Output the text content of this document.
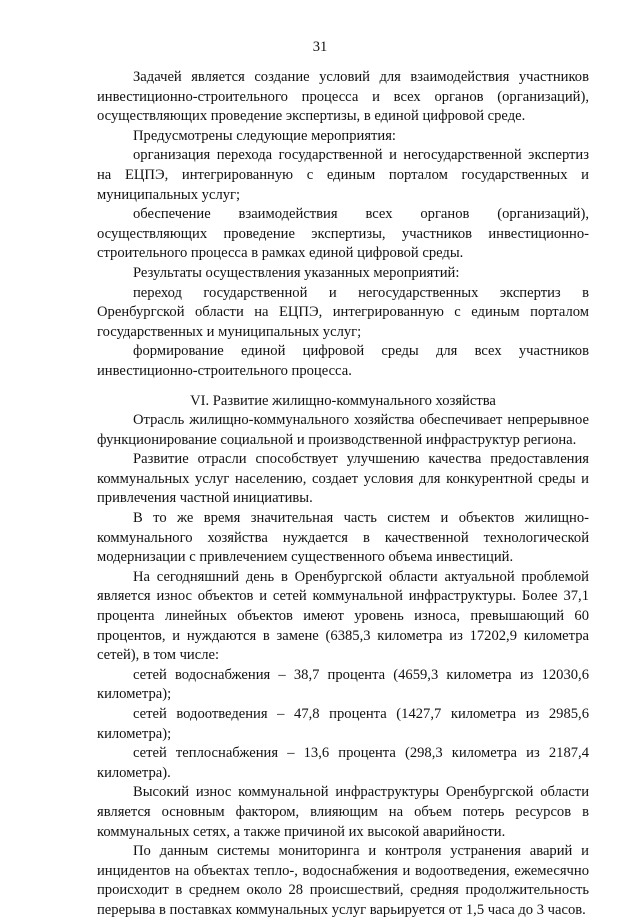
31

Задачей является создание условий для взаимодействия участников инвестиционно-строительного процесса и всех органов (организаций), осуществляющих проведение экспертизы, в единой цифровой среде.

Предусмотрены следующие мероприятия:

организация перехода государственной и негосударственной экспертиз на ЕЦПЭ, интегрированную с единым порталом государственных и муниципальных услуг;

обеспечение взаимодействия всех органов (организаций), осуществляющих проведение экспертизы, участников инвестиционно-строительного процесса в рамках единой цифровой среды.

Результаты осуществления указанных мероприятий:

переход государственной и негосударственных экспертиз в Оренбургской области на ЕЦПЭ, интегрированную с единым порталом государственных и муниципальных услуг;

формирование единой цифровой среды для всех участников инвестиционно-строительного процесса.

VI. Развитие жилищно-коммунального хозяйства

Отрасль жилищно-коммунального хозяйства обеспечивает непрерывное функционирование социальной и производственной инфраструктур региона.

Развитие отрасли способствует улучшению качества предоставления коммунальных услуг населению, создает условия для конкурентной среды и привлечения частной инициативы.

В то же время значительная часть систем и объектов жилищно-коммунального хозяйства нуждается в качественной технологической модернизации с привлечением существенного объема инвестиций.

На сегодняшний день в Оренбургской области актуальной проблемой является износ объектов и сетей коммунальной инфраструктуры. Более 37,1 процента линейных объектов имеют уровень износа, превышающий 60 процентов, и нуждаются в замене (6385,3 километра из 17202,9 километра сетей), в том числе:

сетей водоснабжения – 38,7 процента (4659,3 километра из 12030,6 километра);

сетей водоотведения – 47,8 процента (1427,7 километра из 2985,6 километра);

сетей теплоснабжения – 13,6 процента (298,3 километра из 2187,4 километра).

Высокий износ коммунальной инфраструктуры Оренбургской области является основным фактором, влияющим на объем потерь ресурсов в коммунальных сетях, а также причиной их высокой аварийности.

По данным системы мониторинга и контроля устранения аварий и инцидентов на объектах тепло-, водоснабжения и водоотведения, ежемесячно происходит в среднем около 28 происшествий, средняя продолжительность перерыва в поставках коммунальных услуг варьируется от 1,5 часа до 3 часов.
